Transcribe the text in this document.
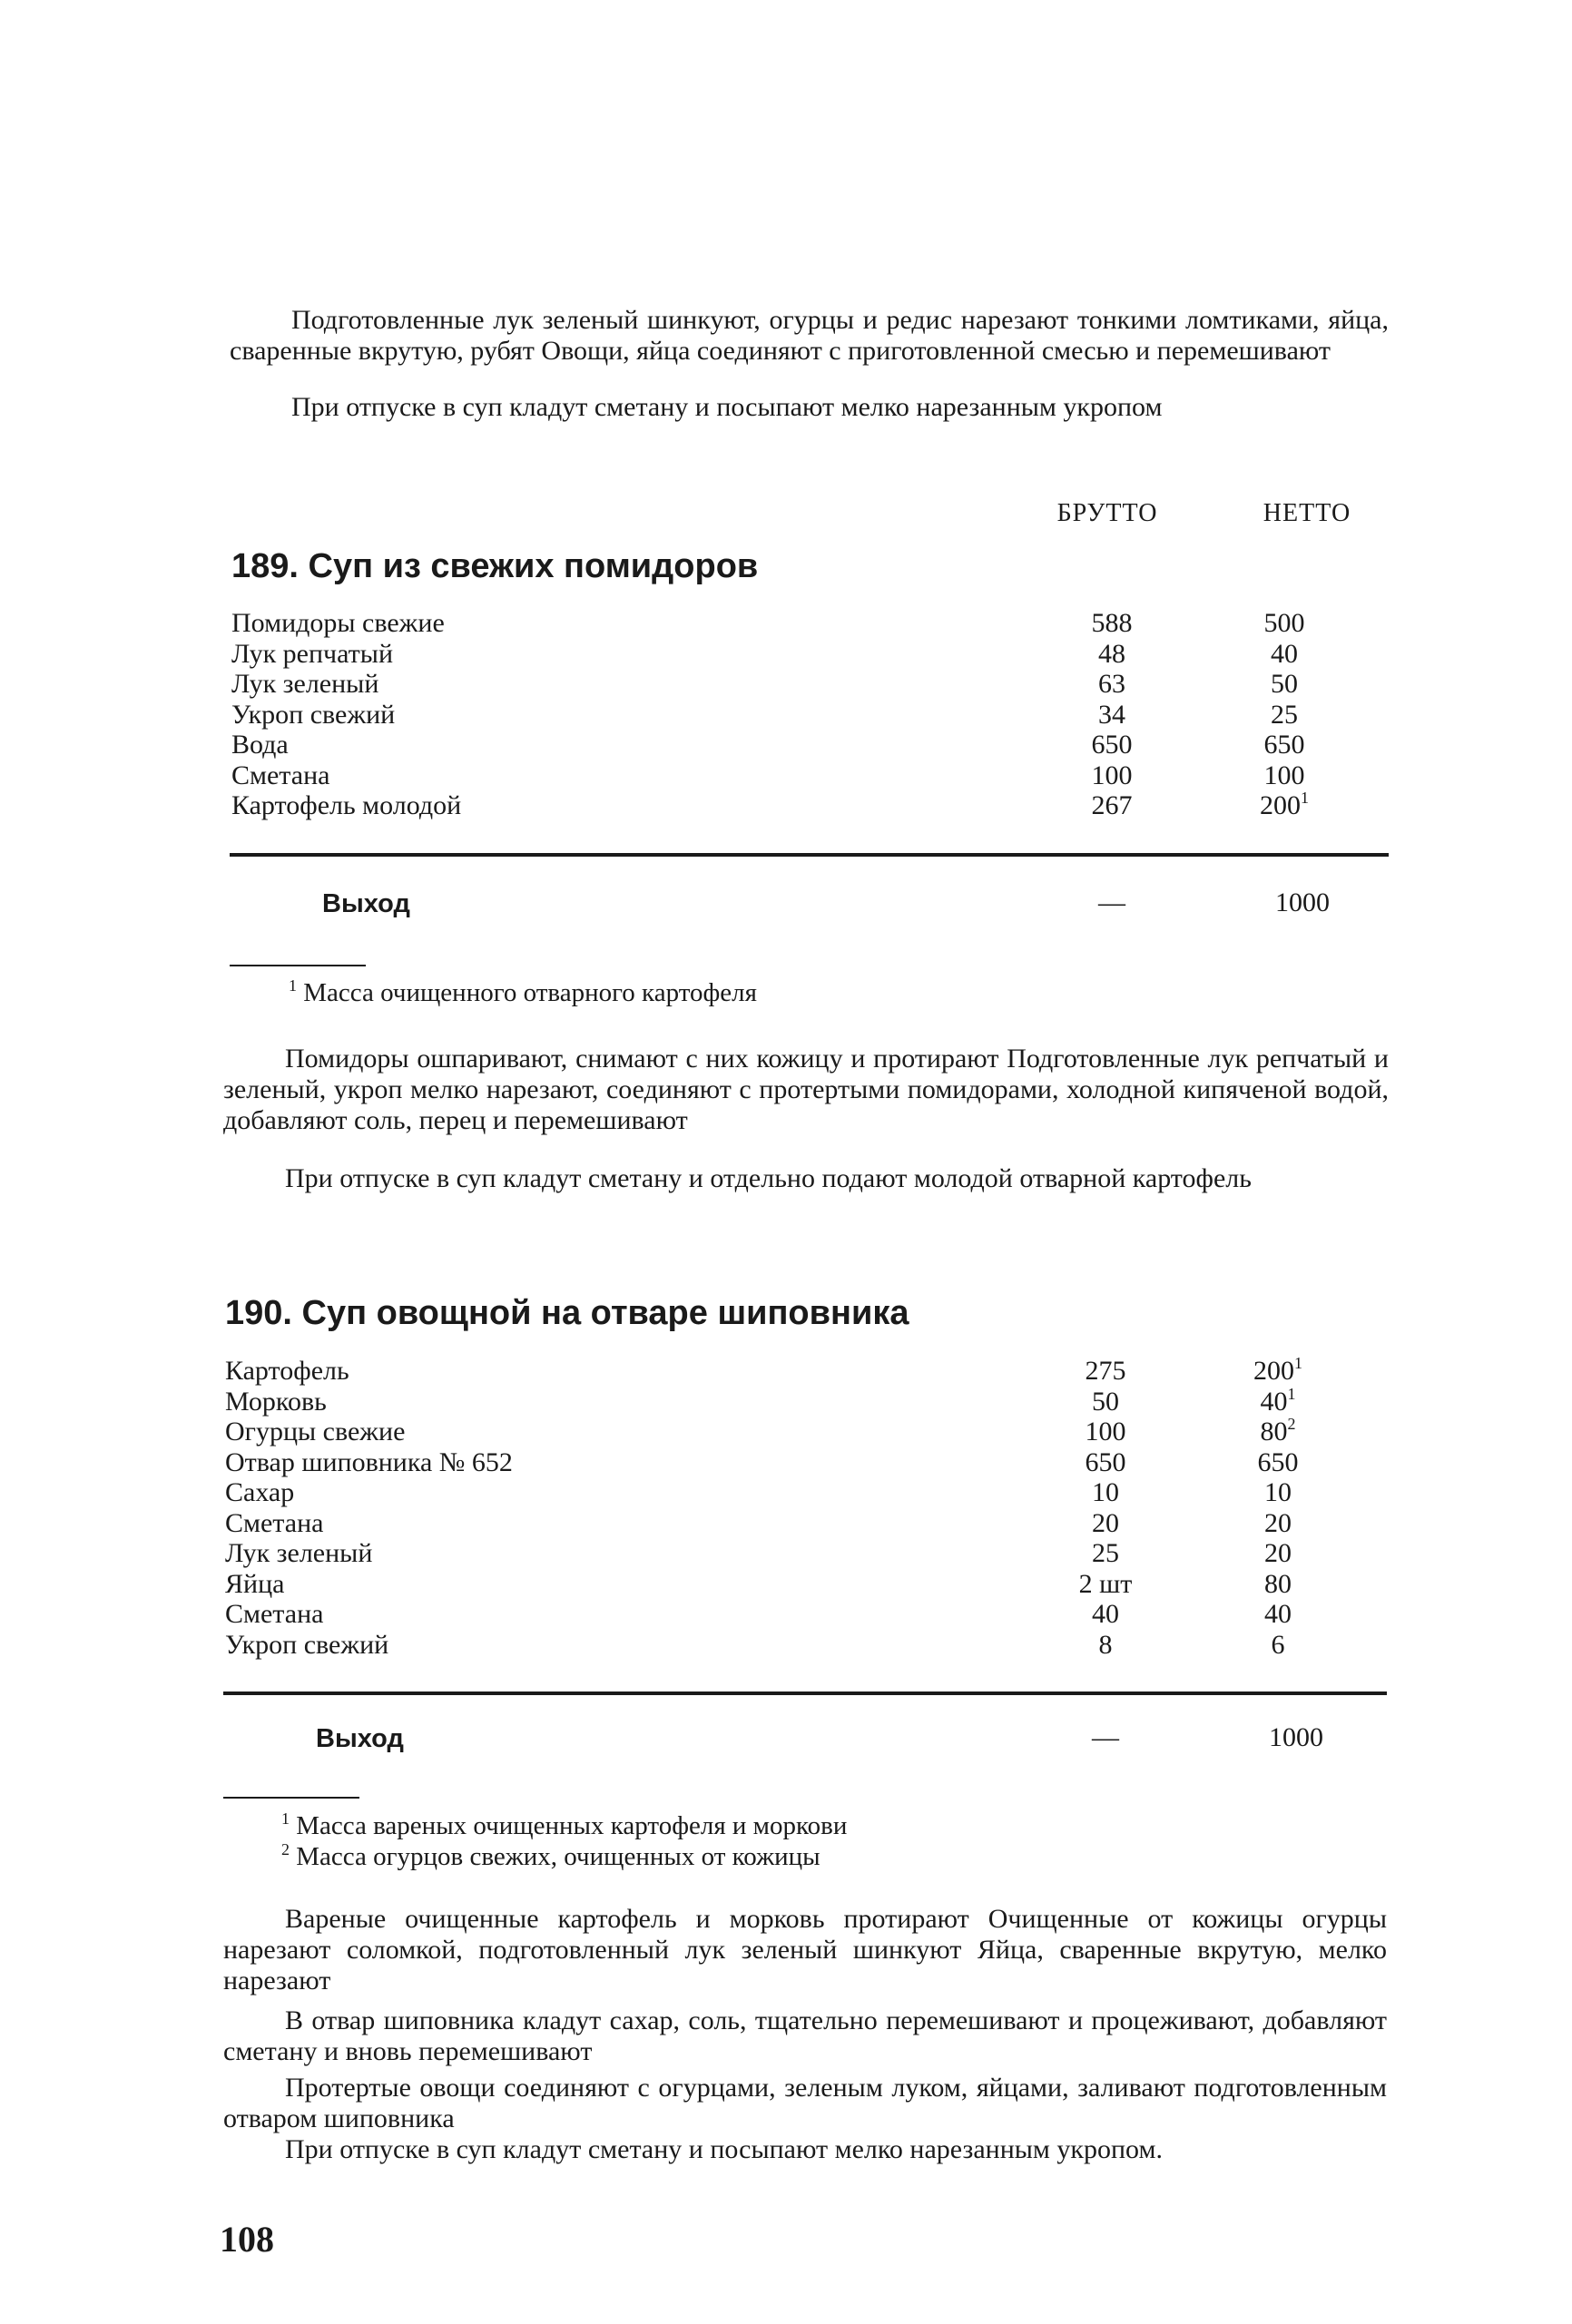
Подготовленные лук зеленый шинкуют, огурцы и редис нарезают тонкими ломтиками, яйца, сваренные вкрутую, рубят Овощи, яйца соединяют с приготовленной смесью и перемешивают
При отпуске в суп кладут сметану и посыпают мелко нарезанным укропом
БРУТТО	НЕТТО
189. Суп из свежих помидоров
Помидоры свежие	588	500
Лук репчатый	48	40
Лук зеленый	63	50
Укроп свежий	34	25
Вода	650	650
Сметана	100	100
Картофель молодой	267	$200^1$
Выход	—	1000
$^1$ Масса очищенного отварного картофеля
Помидоры ошпаривают, снимают с них кожицу и протирают Подготовленные лук репчатый и зеленый, укроп мелко нарезают, соединяют с протертыми помидорами, холодной кипяченой водой, добавляют соль, перец и перемешивают
При отпуске в суп кладут сметану и отдельно подают молодой отварной картофель
190. Суп овощной на отваре шиповника
Картофель	275	$200^1$
Морковь	50	$40^1$
Огурцы свежие	100	$80^2$
Отвар шиповника № 652	650	650
Сахар	10	10
Сметана	20	20
Лук зеленый	25	20
Яйца	2 шт	80
Сметана	40	40
Укроп свежий	8	6
Выход	—	1000
$^1$ Масса вареных очищенных картофеля и моркови
$^2$ Масса огурцов свежих, очищенных от кожицы
Вареные очищенные картофель и морковь протирают Очищенные от кожицы огурцы нарезают соломкой, подготовленный лук зеленый шинкуют Яйца, сваренные вкрутую, мелко нарезают
В отвар шиповника кладут сахар, соль, тщательно перемешивают и процеживают, добавляют сметану и вновь перемешивают
Протертые овощи соединяют с огурцами, зеленым луком, яйцами, заливают подготовленным отваром шиповника
При отпуске в суп кладут сметану и посыпают мелко нарезанным укропом.
108
